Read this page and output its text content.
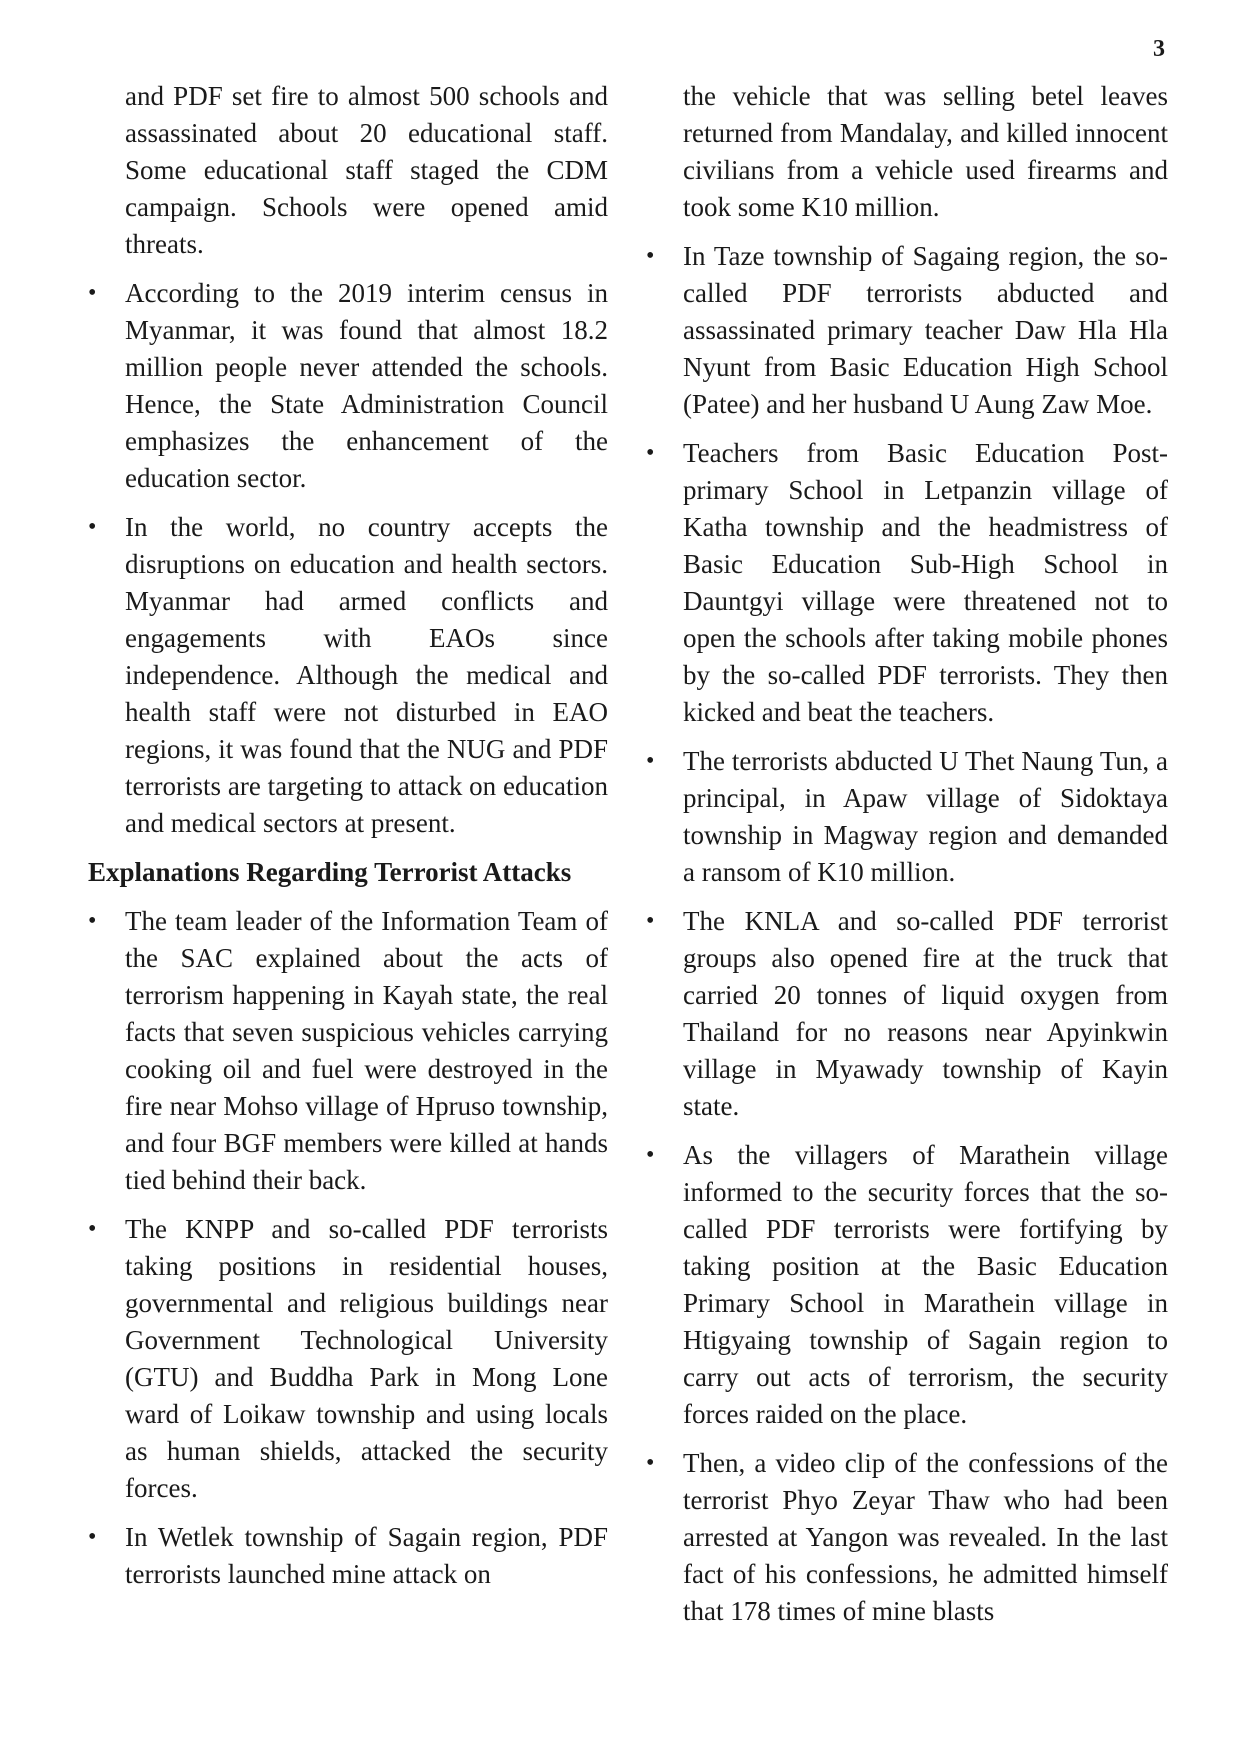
3

and PDF set fire to almost 500 schools and assassinated about 20 educational staff. Some educational staff staged the CDM campaign. Schools were opened amid threats.

• According to the 2019 interim census in Myanmar, it was found that almost 18.2 million people never attended the schools. Hence, the State Administration Council emphasizes the enhancement of the education sector.

• In the world, no country accepts the disruptions on education and health sectors. Myanmar had armed conflicts and engagements with EAOs since independence. Although the medical and health staff were not disturbed in EAO regions, it was found that the NUG and PDF terrorists are targeting to attack on education and medical sectors at present.

Explanations Regarding Terrorist Attacks

• The team leader of the Information Team of the SAC explained about the acts of terrorism happening in Kayah state, the real facts that seven suspicious vehicles carrying cooking oil and fuel were destroyed in the fire near Mohso village of Hpruso township, and four BGF members were killed at hands tied behind their back.

• The KNPP and so-called PDF terrorists taking positions in residential houses, governmental and religious buildings near Government Technological University (GTU) and Buddha Park in Mong Lone ward of Loikaw township and using locals as human shields, attacked the security forces.

• In Wetlek township of Sagain region, PDF terrorists launched mine attack on

the vehicle that was selling betel leaves returned from Mandalay, and killed innocent civilians from a vehicle used firearms and took some K10 million.

• In Taze township of Sagaing region, the so-called PDF terrorists abducted and assassinated primary teacher Daw Hla Hla Nyunt from Basic Education High School (Patee) and her husband U Aung Zaw Moe.

• Teachers from Basic Education Post-primary School in Letpanzin village of Katha township and the headmistress of Basic Education Sub-High School in Dauntgyi village were threatened not to open the schools after taking mobile phones by the so-called PDF terrorists. They then kicked and beat the teachers.

• The terrorists abducted U Thet Naung Tun, a principal, in Apaw village of Sidoktaya township in Magway region and demanded a ransom of K10 million.

• The KNLA and so-called PDF terrorist groups also opened fire at the truck that carried 20 tonnes of liquid oxygen from Thailand for no reasons near Apyinkwin village in Myawady township of Kayin state.

• As the villagers of Marathein village informed to the security forces that the so-called PDF terrorists were fortifying by taking position at the Basic Education Primary School in Marathein village in Htigyaing township of Sagain region to carry out acts of terrorism, the security forces raided on the place.

• Then, a video clip of the confessions of the terrorist Phyo Zeyar Thaw who had been arrested at Yangon was revealed. In the last fact of his confessions, he admitted himself that 178 times of mine blasts
